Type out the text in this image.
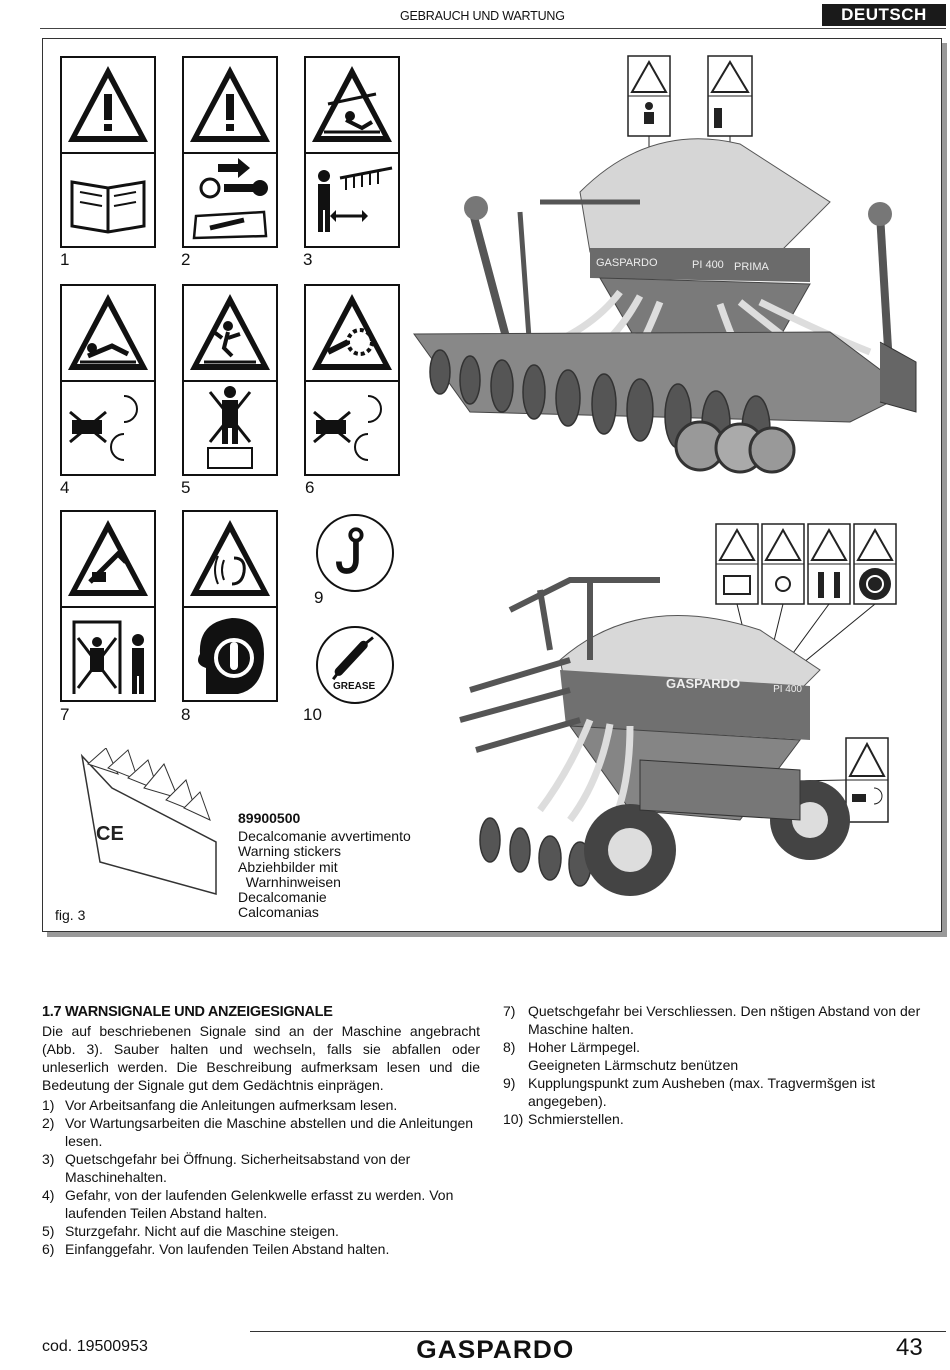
GEBRAUCH UND WARTUNG	DEUTSCH
GREASE
1	2	3
4	5	6
7	8
9
10
CE
89900500
Decalcomanie avvertimento
Warning stickers
Abziehbilder mit
Warnhinweisen
Decalcomanie
Calcomanias
fig. 3
GASPARDO	PI 400 PRIMA
GASPARDO	PI 400
1.7 WARNSIGNALE UND ANZEIGESIGNALE
Die auf beschriebenen Signale sind an der Maschine angebracht (Abb. 3). Sauber halten und wechseln, falls sie abfallen oder unleserlich werden. Die Beschreibung aufmerksam lesen und die Bedeutung der Signale gut dem Gedächtnis einprägen.
1) Vor Arbeitsanfang die Anleitungen aufmerksam lesen.
2) Vor Wartungsarbeiten die Maschine abstellen und die Anleitungen lesen.
3) Quetschgefahr bei Öffnung. Sicherheitsabstand von der Maschinehalten.
4) Gefahr, von der laufenden Gelenkwelle erfasst zu werden. Von laufenden Teilen Abstand halten.
5) Sturzgefahr. Nicht auf die Maschine steigen.
6) Einfanggefahr. Von laufenden Teilen Abstand halten.
7) Quetschgefahr bei Verschliessen. Den nštigen Abstand von der Maschine halten.
8) Hoher Lärmpegel.
Geeigneten Lärmschutz benützen
9) Kupplungspunkt zum Ausheben (max. Tragvermšgen ist angegeben).
10) Schmierstellen.
cod. 19500953	GASPARDO	43
